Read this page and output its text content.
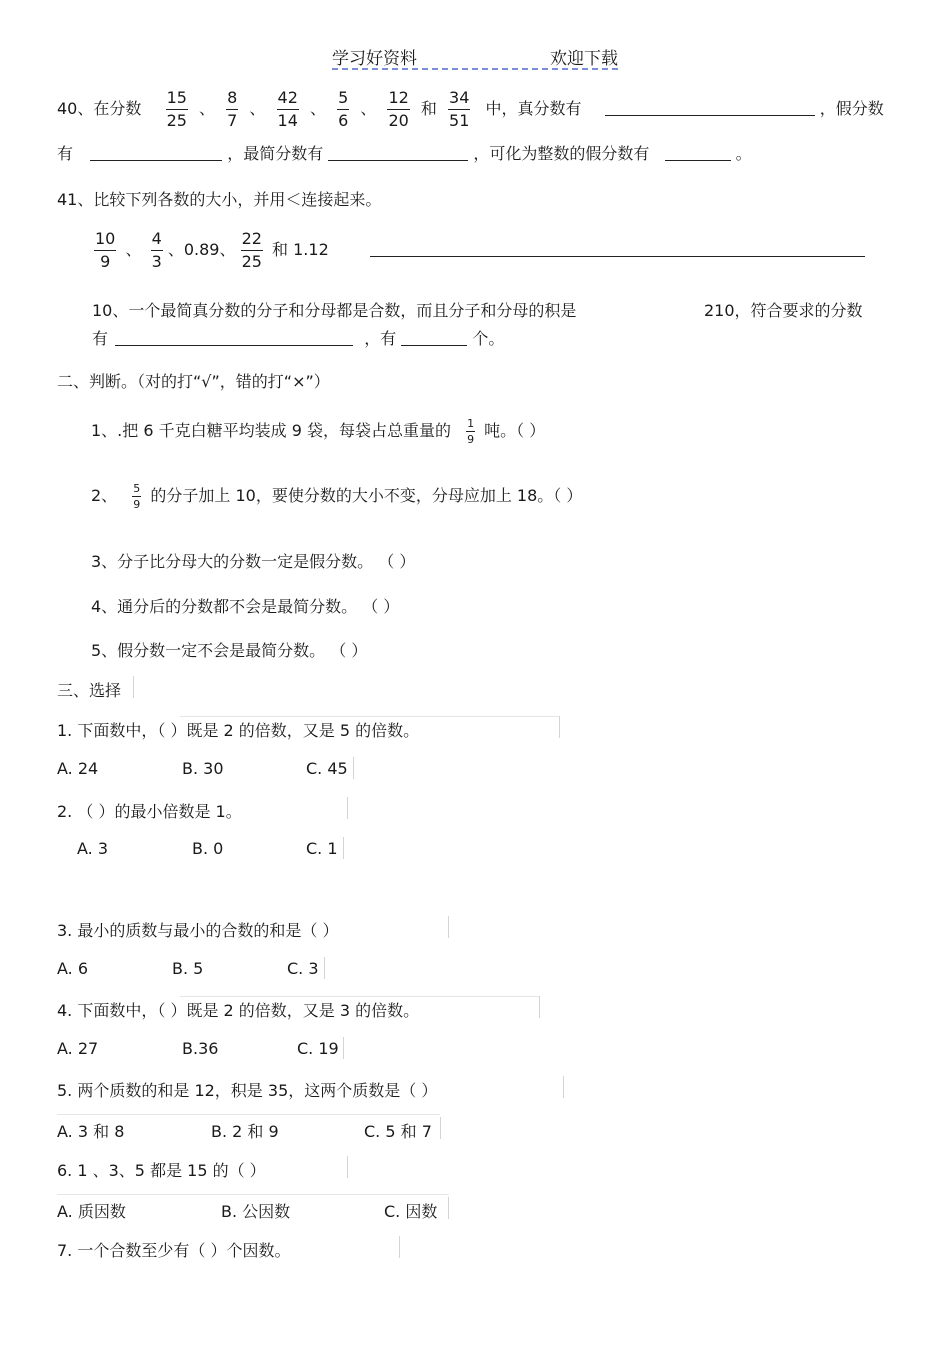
学习好资料	欢迎下载
40、在分数 $\frac{15}{25}$ 、 $\frac{8}{7}$ 、 $\frac{42}{14}$ 、 $\frac{5}{6}$ 、 $\frac{12}{20}$ 和 $\frac{34}{51}$ 中，真分数有	，假分数
有	，最简分数有	，可化为整数的假分数有	。
41、比较下列各数的大小，并用＜连接起来。
$\frac{10}{9}$ 、 $\frac{4}{3}$ 、0.89、 $\frac{22}{25}$ 和 1.12
10、一个最简真分数的分子和分母都是合数，而且分子和分母的积是	210，符合要求的分数
有	，有	个。
二、判断。（对的打“√”，错的打“×”）
1、.把 6 千克白糖平均装成 9 袋，每袋占总重量的 $\frac{1}{9}$ 吨。（ ）
2、 $\frac{5}{9}$ 的分子加上 10，要使分数的大小不变，分母应加上 18。（ ）
3、分子比分母大的分数一定是假分数。 （ ）
4、通分后的分数都不会是最简分数。 （ ）
5、假分数一定不会是最简分数。 （ ）
三、选择
1. 下面数中，（ ）既是 2 的倍数，又是 5 的倍数。
A. 24	B. 30	C. 45
2. （ ）的最小倍数是 1。
A. 3	B. 0	C. 1
3. 最小的质数与最小的合数的和是（ ）
A. 6	B. 5	C. 3
4. 下面数中，（ ）既是 2 的倍数，又是 3 的倍数。
A. 27	B.36	C. 19
5. 两个质数的和是 12，积是 35，这两个质数是（ ）
A. 3 和 8	B. 2 和 9	C. 5 和 7
6. 1 、3、5 都是 15 的（ ）
A. 质因数	B. 公因数	C. 因数
7. 一个合数至少有（ ）个因数。
